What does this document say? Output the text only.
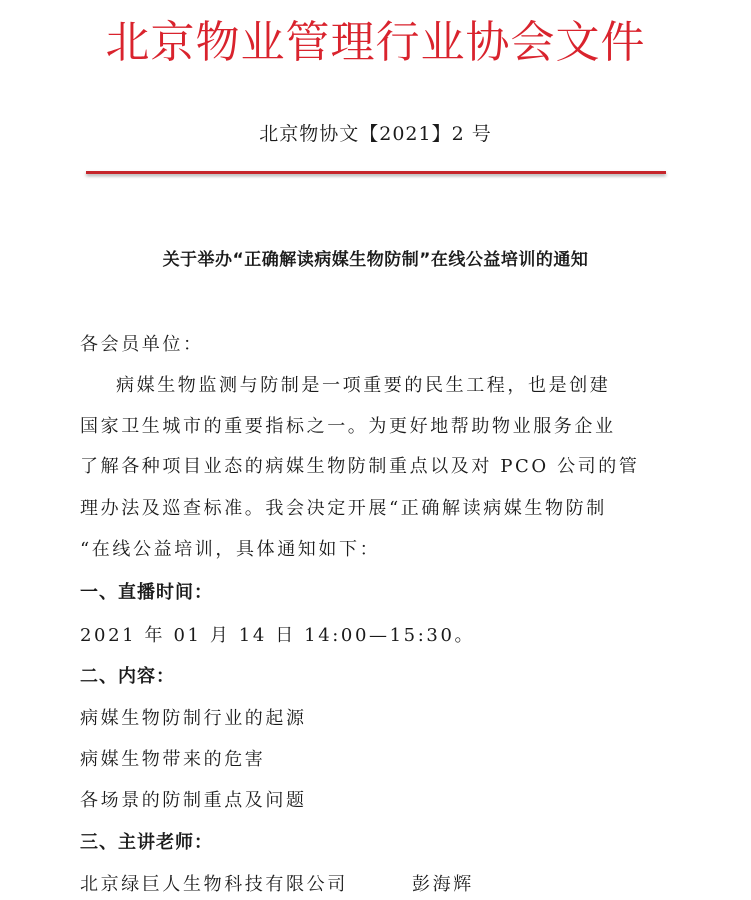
北京物业管理行业协会文件
北京物协文【2021】2 号
关于举办“正确解读病媒生物防制”在线公益培训的通知
各会员单位：
病媒生物监测与防制是一项重要的民生工程，也是创建
国家卫生城市的重要指标之一。为更好地帮助物业服务企业
了解各种项目业态的病媒生物防制重点以及对 PCO 公司的管
理办法及巡查标准。我会决定开展“正确解读病媒生物防制
“在线公益培训，具体通知如下：
一、直播时间：
2021 年 01 月 14 日 14:00—15:30。
二、内容：
病媒生物防制行业的起源
病媒生物带来的危害
各场景的防制重点及问题
三、主讲老师：
北京绿巨人生物科技有限公司	彭海辉
